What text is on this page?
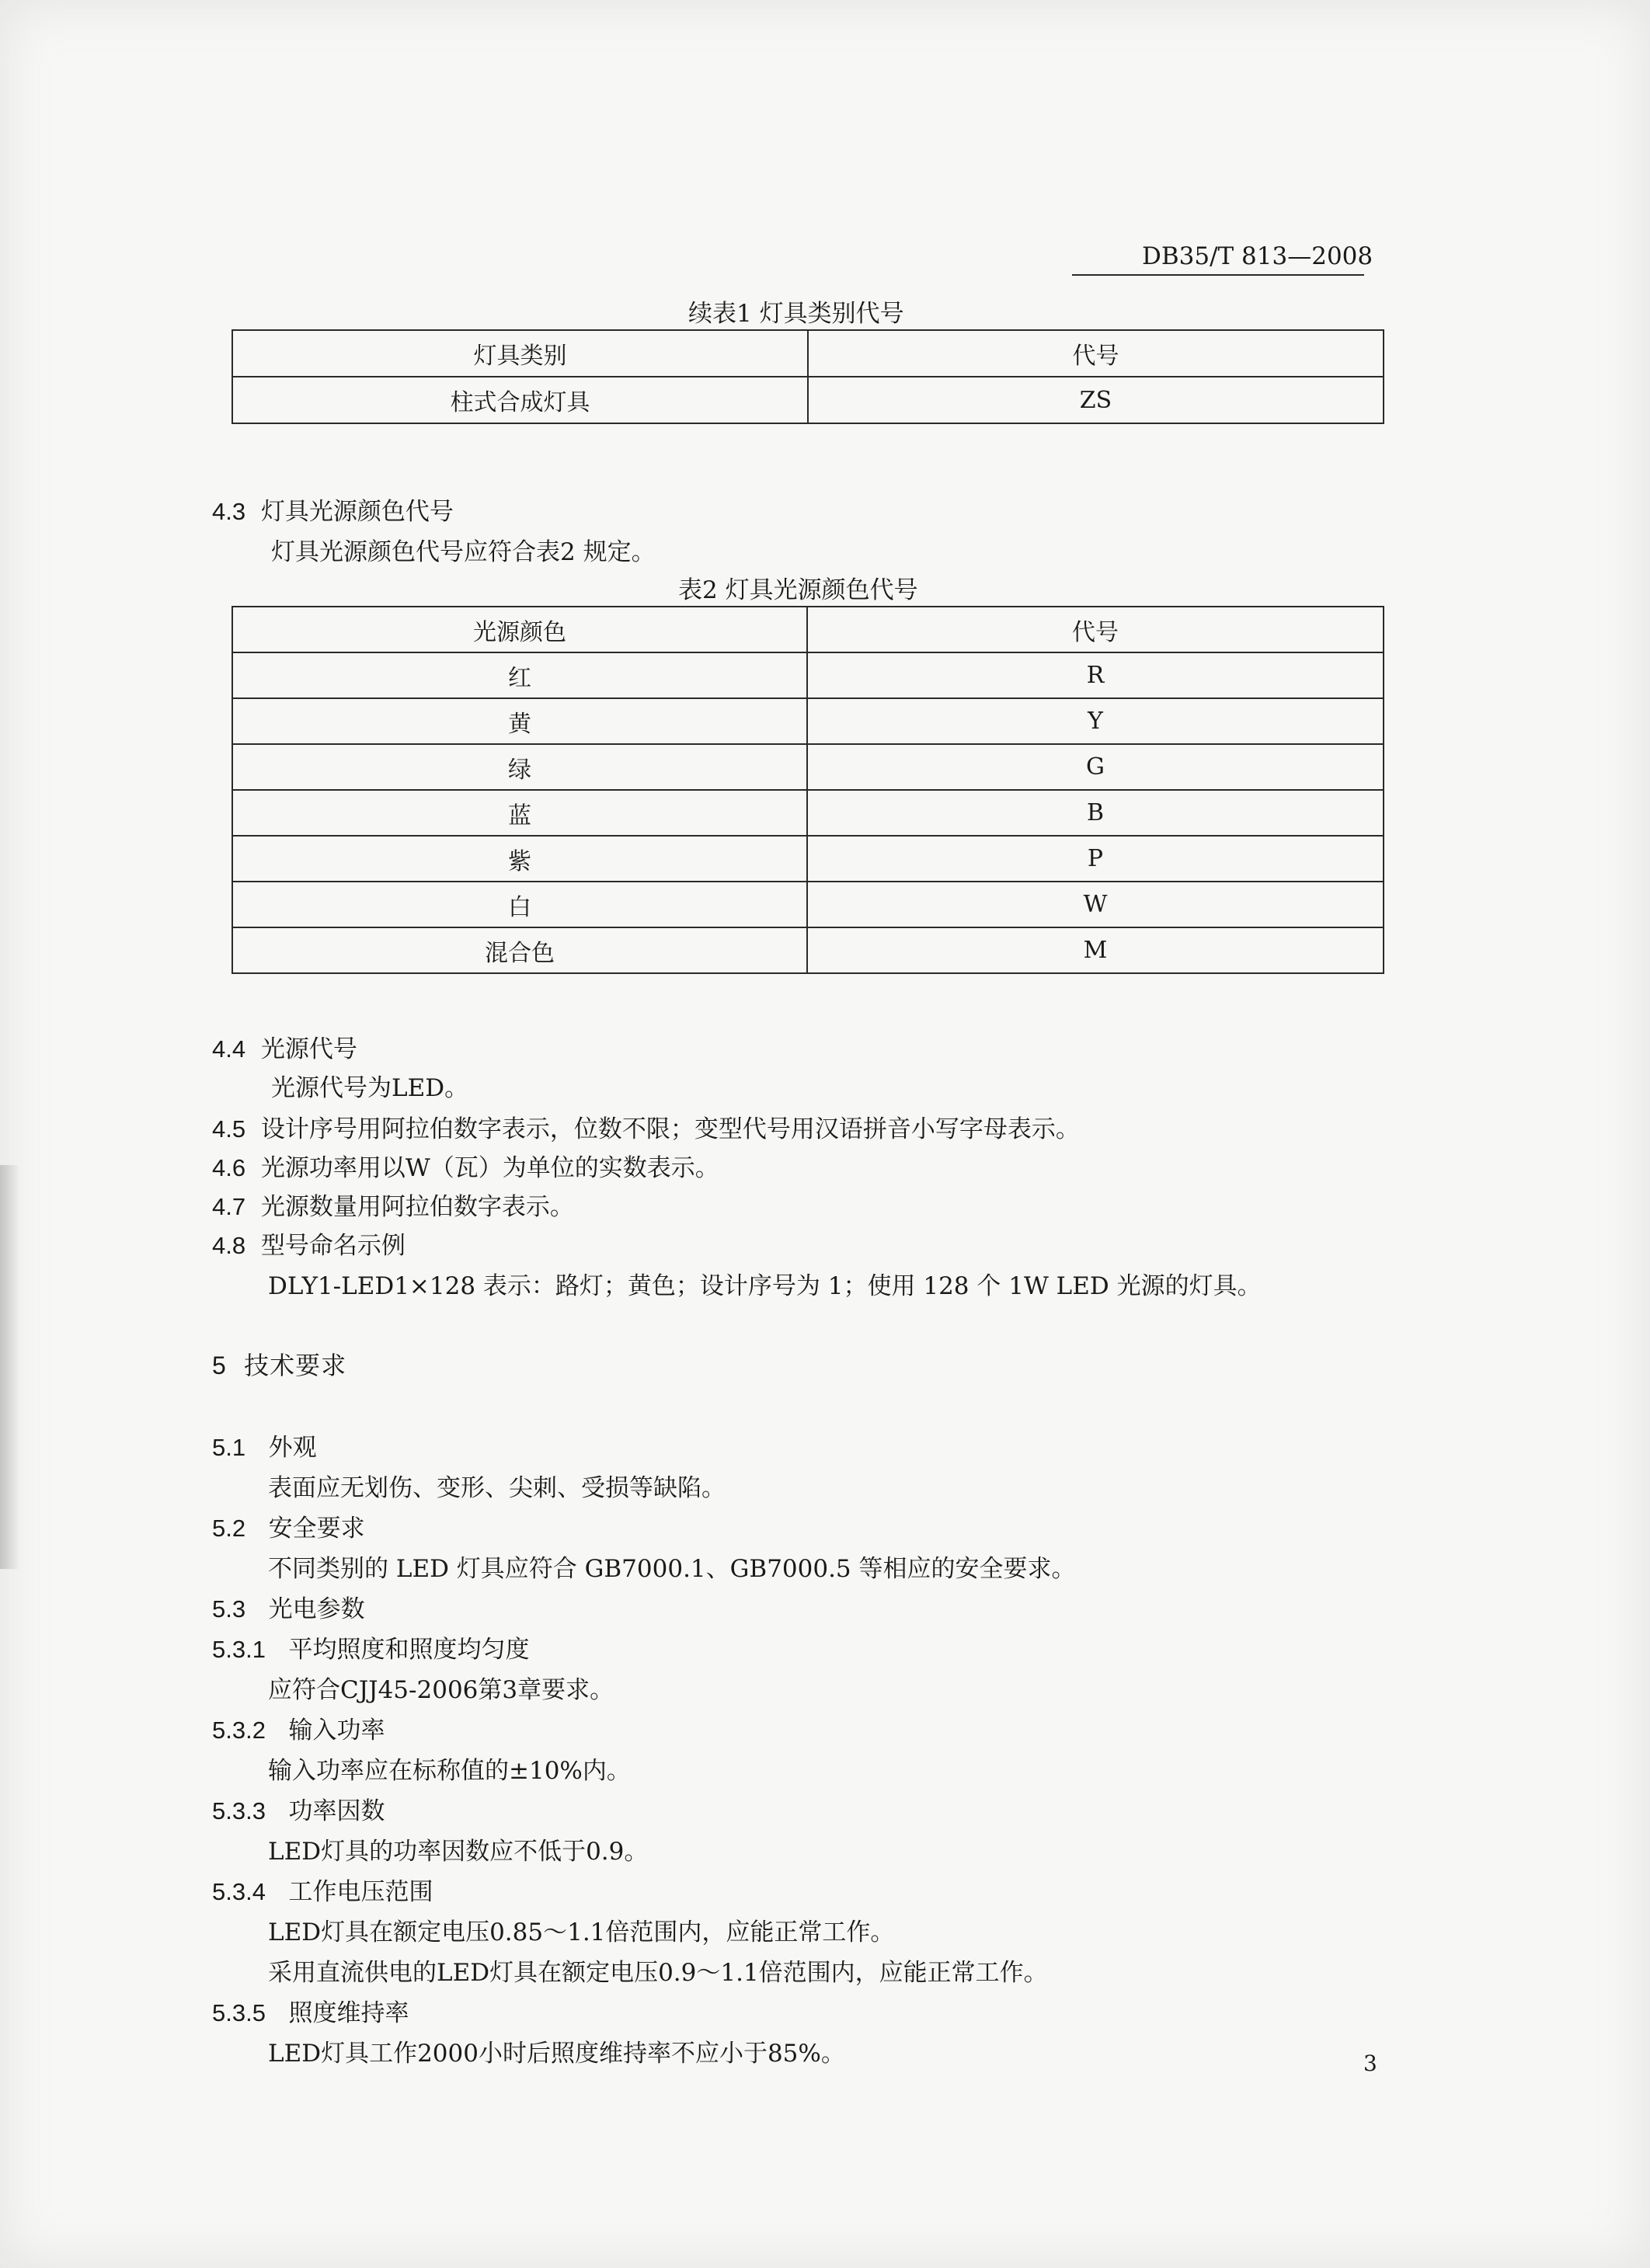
DB35/T 813—2008
续表1 灯具类别代号
灯具类别	代号
柱式合成灯具	ZS
4.3 灯具光源颜色代号
灯具光源颜色代号应符合表2 规定。
表2 灯具光源颜色代号
光源颜色	代号
红	R
黄	Y
绿	G
蓝	B
紫	P
白	W
混合色	M
4.4 光源代号
光源代号为LED。
4.5 设计序号用阿拉伯数字表示，位数不限；变型代号用汉语拼音小写字母表示。
4.6 光源功率用以W（瓦）为单位的实数表示。
4.7 光源数量用阿拉伯数字表示。
4.8 型号命名示例
DLY1-LED1×128 表示：路灯；黄色；设计序号为 1；使用 128 个 1W LED 光源的灯具。
5 技术要求
5.1 外观
表面应无划伤、变形、尖刺、受损等缺陷。
5.2 安全要求
不同类别的 LED 灯具应符合 GB7000.1、GB7000.5 等相应的安全要求。
5.3 光电参数
5.3.1 平均照度和照度均匀度
应符合CJJ45-2006第3章要求。
5.3.2 输入功率
输入功率应在标称值的±10%内。
5.3.3 功率因数
LED灯具的功率因数应不低于0.9。
5.3.4 工作电压范围
LED灯具在额定电压0.85～1.1倍范围内，应能正常工作。
采用直流供电的LED灯具在额定电压0.9～1.1倍范围内，应能正常工作。
5.3.5 照度维持率
LED灯具工作2000小时后照度维持率不应小于85%。	3
